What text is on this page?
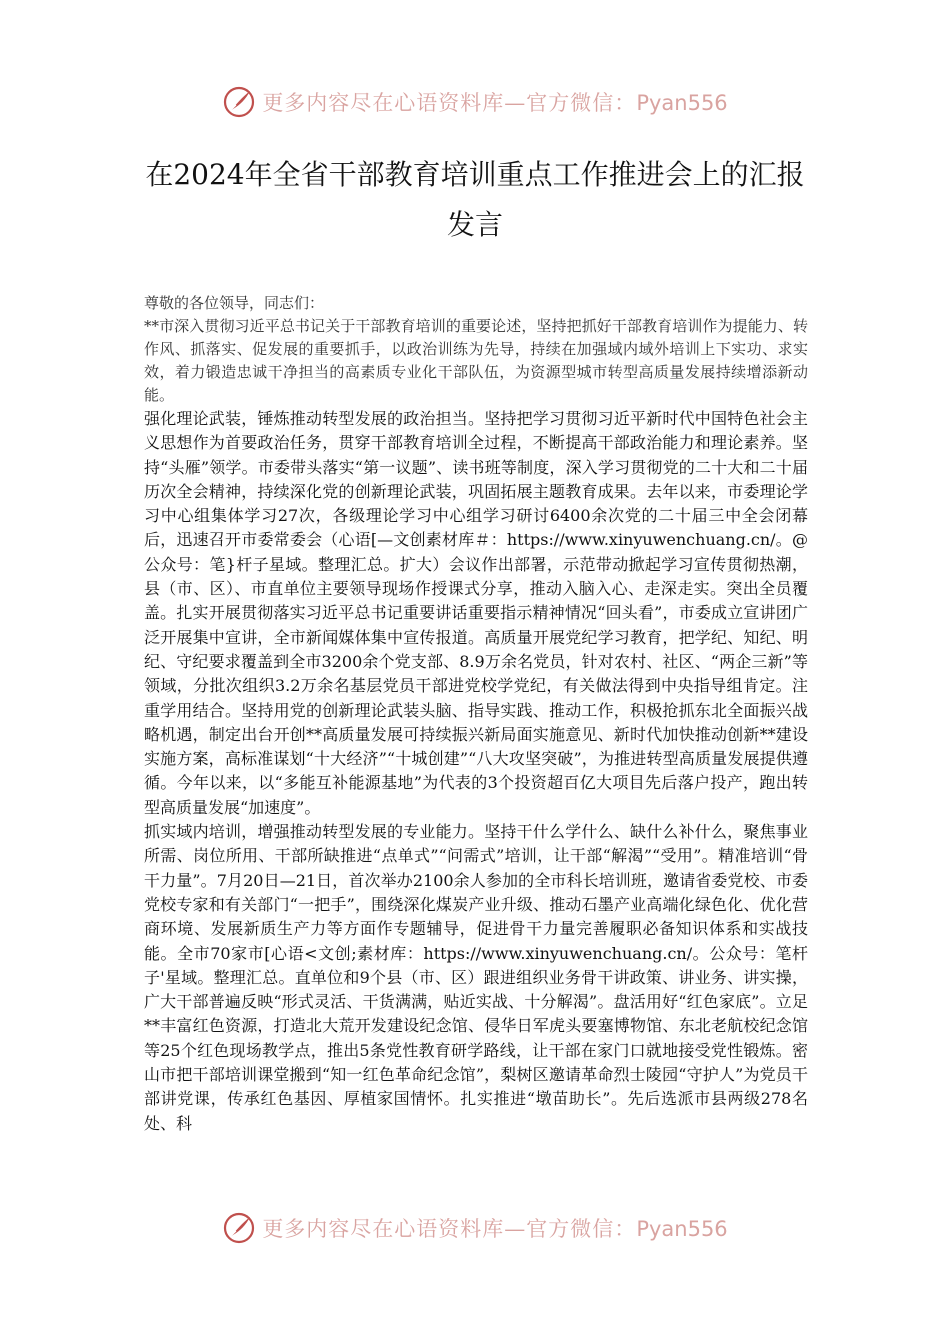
更多内容尽在心语资料库—官方微信：Pyan556
在2024年全省干部教育培训重点工作推进会上的汇报发言

尊敬的各位领导，同志们：

**市深入贯彻习近平总书记关于干部教育培训的重要论述，坚持把抓好干部教育培训作为提能力、转作风、抓落实、促发展的重要抓手，以政治训练为先导，持续在加强域内域外培训上下实功、求实效，着力锻造忠诚干净担当的高素质专业化干部队伍，为资源型城市转型高质量发展持续增添新动能。

强化理论武装，锤炼推动转型发展的政治担当。坚持把学习贯彻习近平新时代中国特色社会主义思想作为首要政治任务，贯穿干部教育培训全过程，不断提高干部政治能力和理论素养。坚持“头雁”领学。市委带头落实“第一议题”、读书班等制度，深入学习贯彻党的二十大和二十届历次全会精神，持续深化党的创新理论武装，巩固拓展主题教育成果。去年以来，市委理论学习中心组集体学习27次，各级理论学习中心组学习研讨6400余次党的二十届三中全会闭幕后，迅速召开市委常委会（心语[—文创素材库＃：https://www.xinyuwenchuang.cn/。@公众号：笔}杆子星域。整理汇总。扩大）会议作出部署，示范带动掀起学习宣传贯彻热潮，县（市、区）、市直单位主要领导现场作授课式分享，推动入脑入心、走深走实。突出全员覆盖。扎实开展贯彻落实习近平总书记重要讲话重要指示精神情况“回头看”，市委成立宣讲团广泛开展集中宣讲，全市新闻媒体集中宣传报道。高质量开展党纪学习教育，把学纪、知纪、明纪、守纪要求覆盖到全市3200余个党支部、8.9万余名党员，针对农村、社区、“两企三新”等领域，分批次组织3.2万余名基层党员干部进党校学党纪，有关做法得到中央指导组肯定。注重学用结合。坚持用党的创新理论武装头脑、指导实践、推动工作，积极抢抓东北全面振兴战略机遇，制定出台开创**高质量发展可持续振兴新局面实施意见、新时代加快推动创新**建设实施方案，高标准谋划“十大经济”“十城创建”“八大攻坚突破”，为推进转型高质量发展提供遵循。今年以来，以“多能互补能源基地”为代表的3个投资超百亿大项目先后落户投产，跑出转型高质量发展“加速度”。

抓实域内培训，增强推动转型发展的专业能力。坚持干什么学什么、缺什么补什么，聚焦事业所需、岗位所用、干部所缺推进“点单式”“问需式”培训，让干部“解渴”“受用”。精准培训“骨干力量”。7月20日—21日，首次举办2100余人参加的全市科长培训班，邀请省委党校、市委党校专家和有关部门“一把手”，围绕深化煤炭产业升级、推动石墨产业高端化绿色化、优化营商环境、发展新质生产力等方面作专题辅导，促进骨干力量完善履职必备知识体系和实战技能。全市70家市[心语<文创;素材库：https://www.xinyuwenchuang.cn/。公众号：笔杆子'星域。整理汇总。直单位和9个县（市、区）跟进组织业务骨干讲政策、讲业务、讲实操，广大干部普遍反映“形式灵活、干货满满，贴近实战、十分解渴”。盘活用好“红色家底”。立足**丰富红色资源，打造北大荒开发建设纪念馆、侵华日军虎头要塞博物馆、东北老航校纪念馆等25个红色现场教学点，推出5条党性教育研学路线，让干部在家门口就地接受党性锻炼。密山市把干部培训课堂搬到“知一红色革命纪念馆”，梨树区邀请革命烈士陵园“守护人”为党员干部讲党课，传承红色基因、厚植家国情怀。扎实推进“墩苗助长”。先后选派市县两级278名处、科

更多内容尽在心语资料库—官方微信：Pyan556
